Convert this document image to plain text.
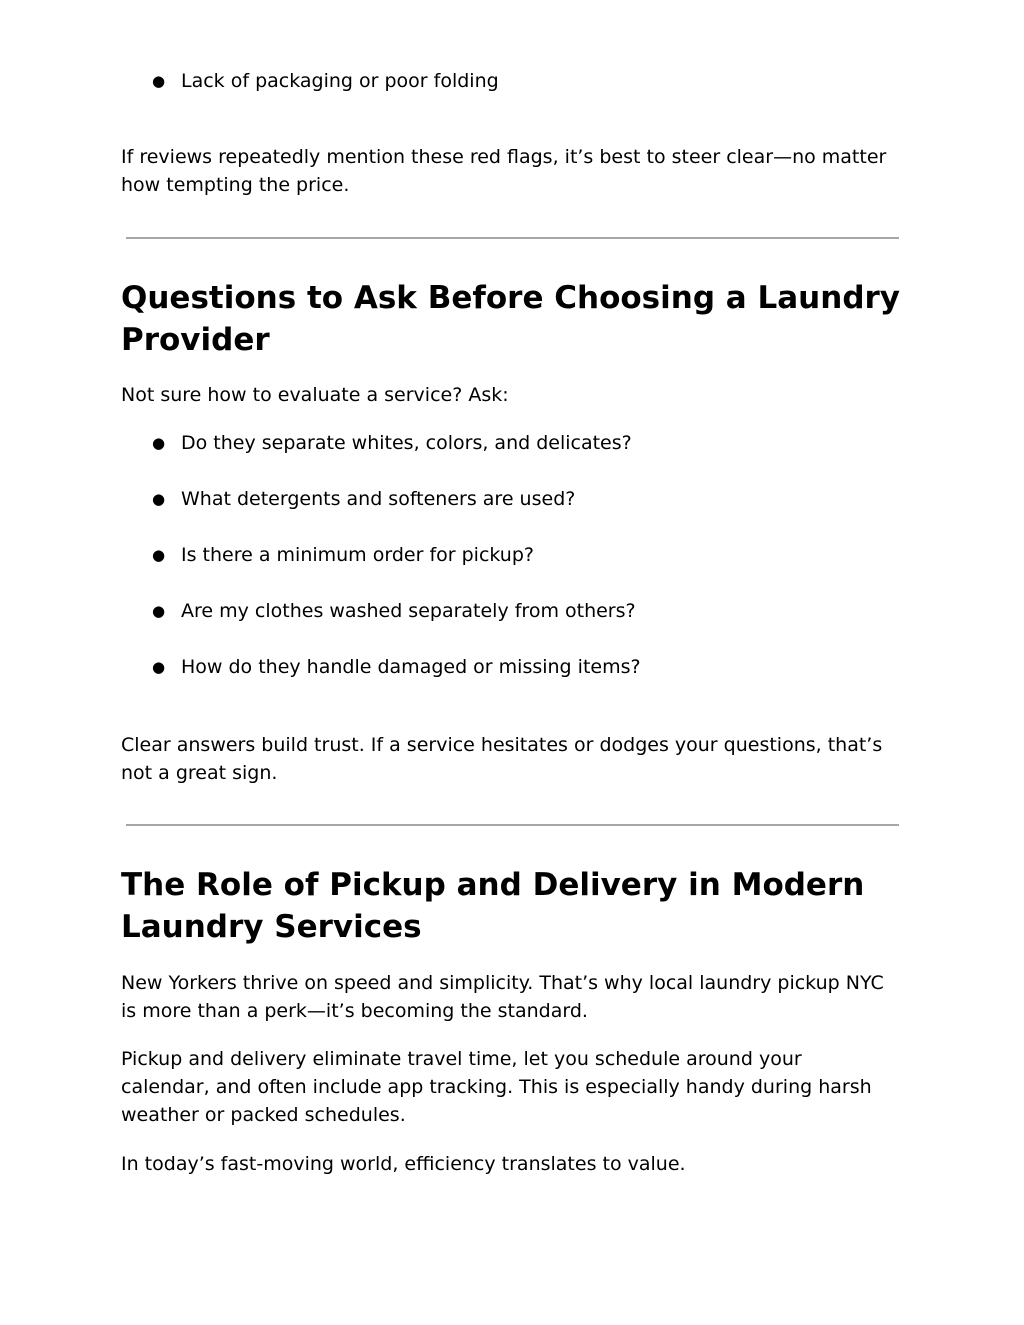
● Lack of packaging or poor folding

If reviews repeatedly mention these red flags, it’s best to steer clear—no matter how tempting the price.

Questions to Ask Before Choosing a Laundry Provider

Not sure how to evaluate a service? Ask:

● Do they separate whites, colors, and delicates?
● What detergents and softeners are used?
● Is there a minimum order for pickup?
● Are my clothes washed separately from others?
● How do they handle damaged or missing items?

Clear answers build trust. If a service hesitates or dodges your questions, that’s not a great sign.

The Role of Pickup and Delivery in Modern Laundry Services

New Yorkers thrive on speed and simplicity. That’s why local laundry pickup NYC is more than a perk—it’s becoming the standard.

Pickup and delivery eliminate travel time, let you schedule around your calendar, and often include app tracking. This is especially handy during harsh weather or packed schedules.

In today’s fast-moving world, efficiency translates to value.
